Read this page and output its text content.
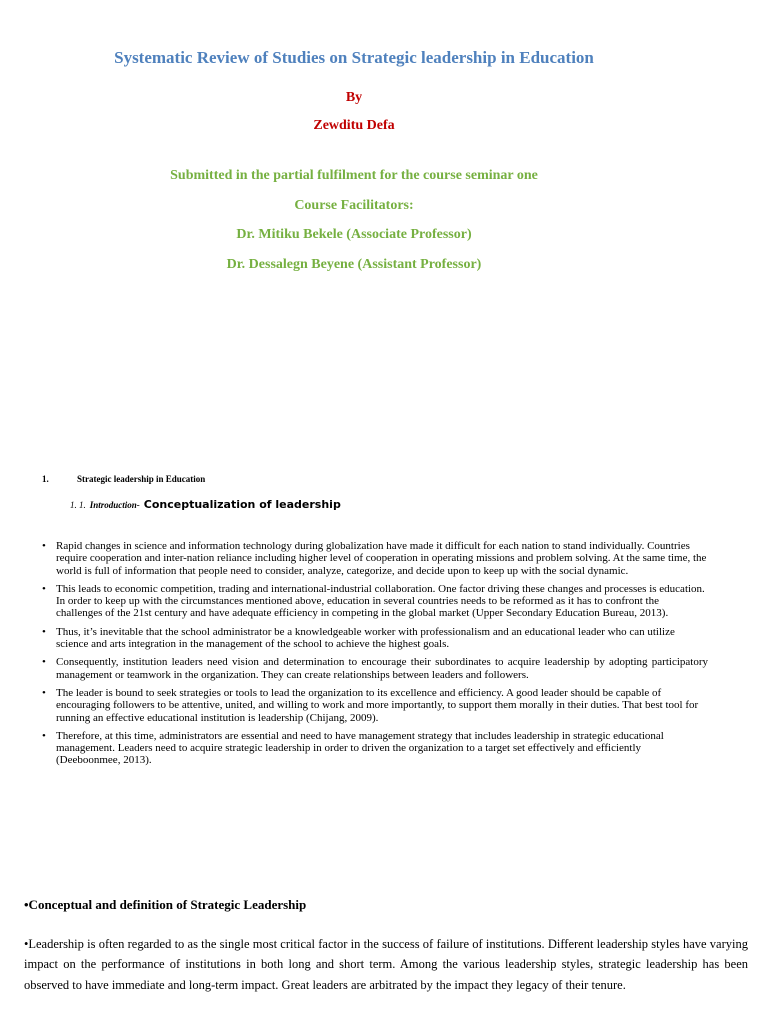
Systematic Review of Studies on Strategic leadership in Education
By
Zewditu Defa
Submitted in the partial fulfilment for the course seminar one
Course Facilitators:
Dr. Mitiku Bekele (Associate Professor)
Dr. Dessalegn Beyene (Assistant Professor)
1.	Strategic leadership in Education
1. 1. Introduction- Conceptualization of leadership
• Rapid changes in science and information technology during globalization have made it difficult for each nation to stand individually. Countries require cooperation and inter-nation reliance including higher level of cooperation in operating missions and problem solving. At the same time, the world is full of information that people need to consider, analyze, categorize, and decide upon to keep up with the social dynamic.
• This leads to economic competition, trading and international-industrial collaboration. One factor driving these changes and processes is education. In order to keep up with the circumstances mentioned above, education in several countries needs to be reformed as it has to confront the challenges of the 21st century and have adequate efficiency in competing in the global market (Upper Secondary Education Bureau, 2013).
• Thus, it’s inevitable that the school administrator be a knowledgeable worker with professionalism and an educational leader who can utilize science and arts integration in the management of the school to achieve the highest goals.
• Consequently, institution leaders need vision and determination to encourage their subordinates to acquire leadership by adopting participatory management or teamwork in the organization. They can create relationships between leaders and followers.
• The leader is bound to seek strategies or tools to lead the organization to its excellence and efficiency. A good leader should be capable of encouraging followers to be attentive, united, and willing to work and more importantly, to support them morally in their duties. That best tool for running an effective educational institution is leadership (Chijang, 2009).
• Therefore, at this time, administrators are essential and need to have management strategy that includes leadership in strategic educational management. Leaders need to acquire strategic leadership in order to driven the organization to a target set effectively and efficiently (Deeboonmee, 2013).
•Conceptual and definition of Strategic Leadership
•Leadership is often regarded to as the single most critical factor in the success of failure of institutions. Different leadership styles have varying impact on the performance of institutions in both long and short term. Among the various leadership styles, strategic leadership has been observed to have immediate and long-term impact. Great leaders are arbitrated by the impact they legacy of their tenure.
